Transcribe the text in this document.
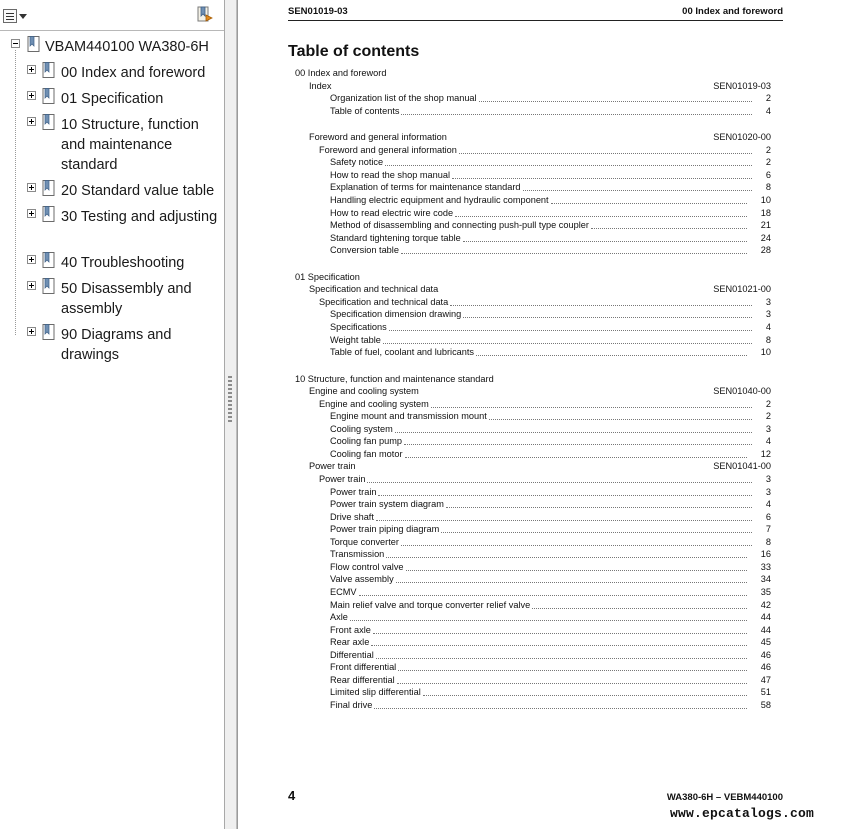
VBAM440100 WA380-6H
00 Index and foreword
01 Specification
10 Structure, function and maintenance standard
20 Standard value table
30 Testing and adjusting
40 Troubleshooting
50 Disassembly and assembly
90 Diagrams and drawings
SEN01019-03	00 Index and foreword
Table of contents
00 Index and foreword
Index	SEN01019-03
Organization list of the shop manual	2
Table of contents	4
Foreword and general information	SEN01020-00
Foreword and general information	2
Safety notice	2
How to read the shop manual	6
Explanation of terms for maintenance standard	8
Handling electric equipment and hydraulic component	10
How to read electric wire code	18
Method of disassembling and connecting push-pull type coupler	21
Standard tightening torque table	24
Conversion table	28
01 Specification
Specification and technical data	SEN01021-00
Specification and technical data	3
Specification dimension drawing	3
Specifications	4
Weight table	8
Table of fuel, coolant and lubricants	10
10 Structure, function and maintenance standard
Engine and cooling system	SEN01040-00
Engine and cooling system	2
Engine mount and transmission mount	2
Cooling system	3
Cooling fan pump	4
Cooling fan motor	12
Power train	SEN01041-00
Power train	3
Power train	3
Power train system diagram	4
Drive shaft	6
Power train piping diagram	7
Torque converter	8
Transmission	16
Flow control valve	33
Valve assembly	34
ECMV	35
Main relief valve and torque converter relief valve	42
Axle	44
Front axle	44
Rear axle	45
Differential	46
Front differential	46
Rear differential	47
Limited slip differential	51
Final drive	58
4	WA380-6H – VEBM440100
www.epcatalogs.com
